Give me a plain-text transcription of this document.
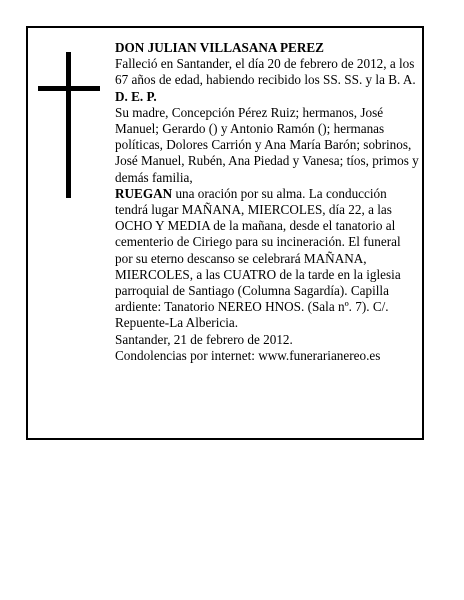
DON JULIAN VILLASANA PEREZ

Falleció en Santander, el día 20 de febrero de 2012, a los 67 años de edad, habiendo recibido los SS. SS. y la B. A.

D. E. P.

Su madre, Concepción Pérez Ruiz; hermanos, José Manuel; Gerardo () y Antonio Ramón (); hermanas políticas, Dolores Carrión y Ana María Barón; sobrinos, José Manuel, Rubén, Ana Piedad y Vanesa; tíos, primos y demás familia,

RUEGAN una oración por su alma. La conducción tendrá lugar MAÑANA, MIERCOLES, día 22, a las OCHO Y MEDIA de la mañana, desde el tanatorio al cementerio de Ciriego para su incineración. El funeral por su eterno descanso se celebrará MAÑANA, MIERCOLES, a las CUATRO de la tarde en la iglesia parroquial de Santiago (Columna Sagardía). Capilla ardiente: Tanatorio NEREO HNOS. (Sala nº. 7). C/. Repuente-La Albericia.

Santander, 21 de febrero de 2012.

Condolencias por internet: www.funerarianereo.es
